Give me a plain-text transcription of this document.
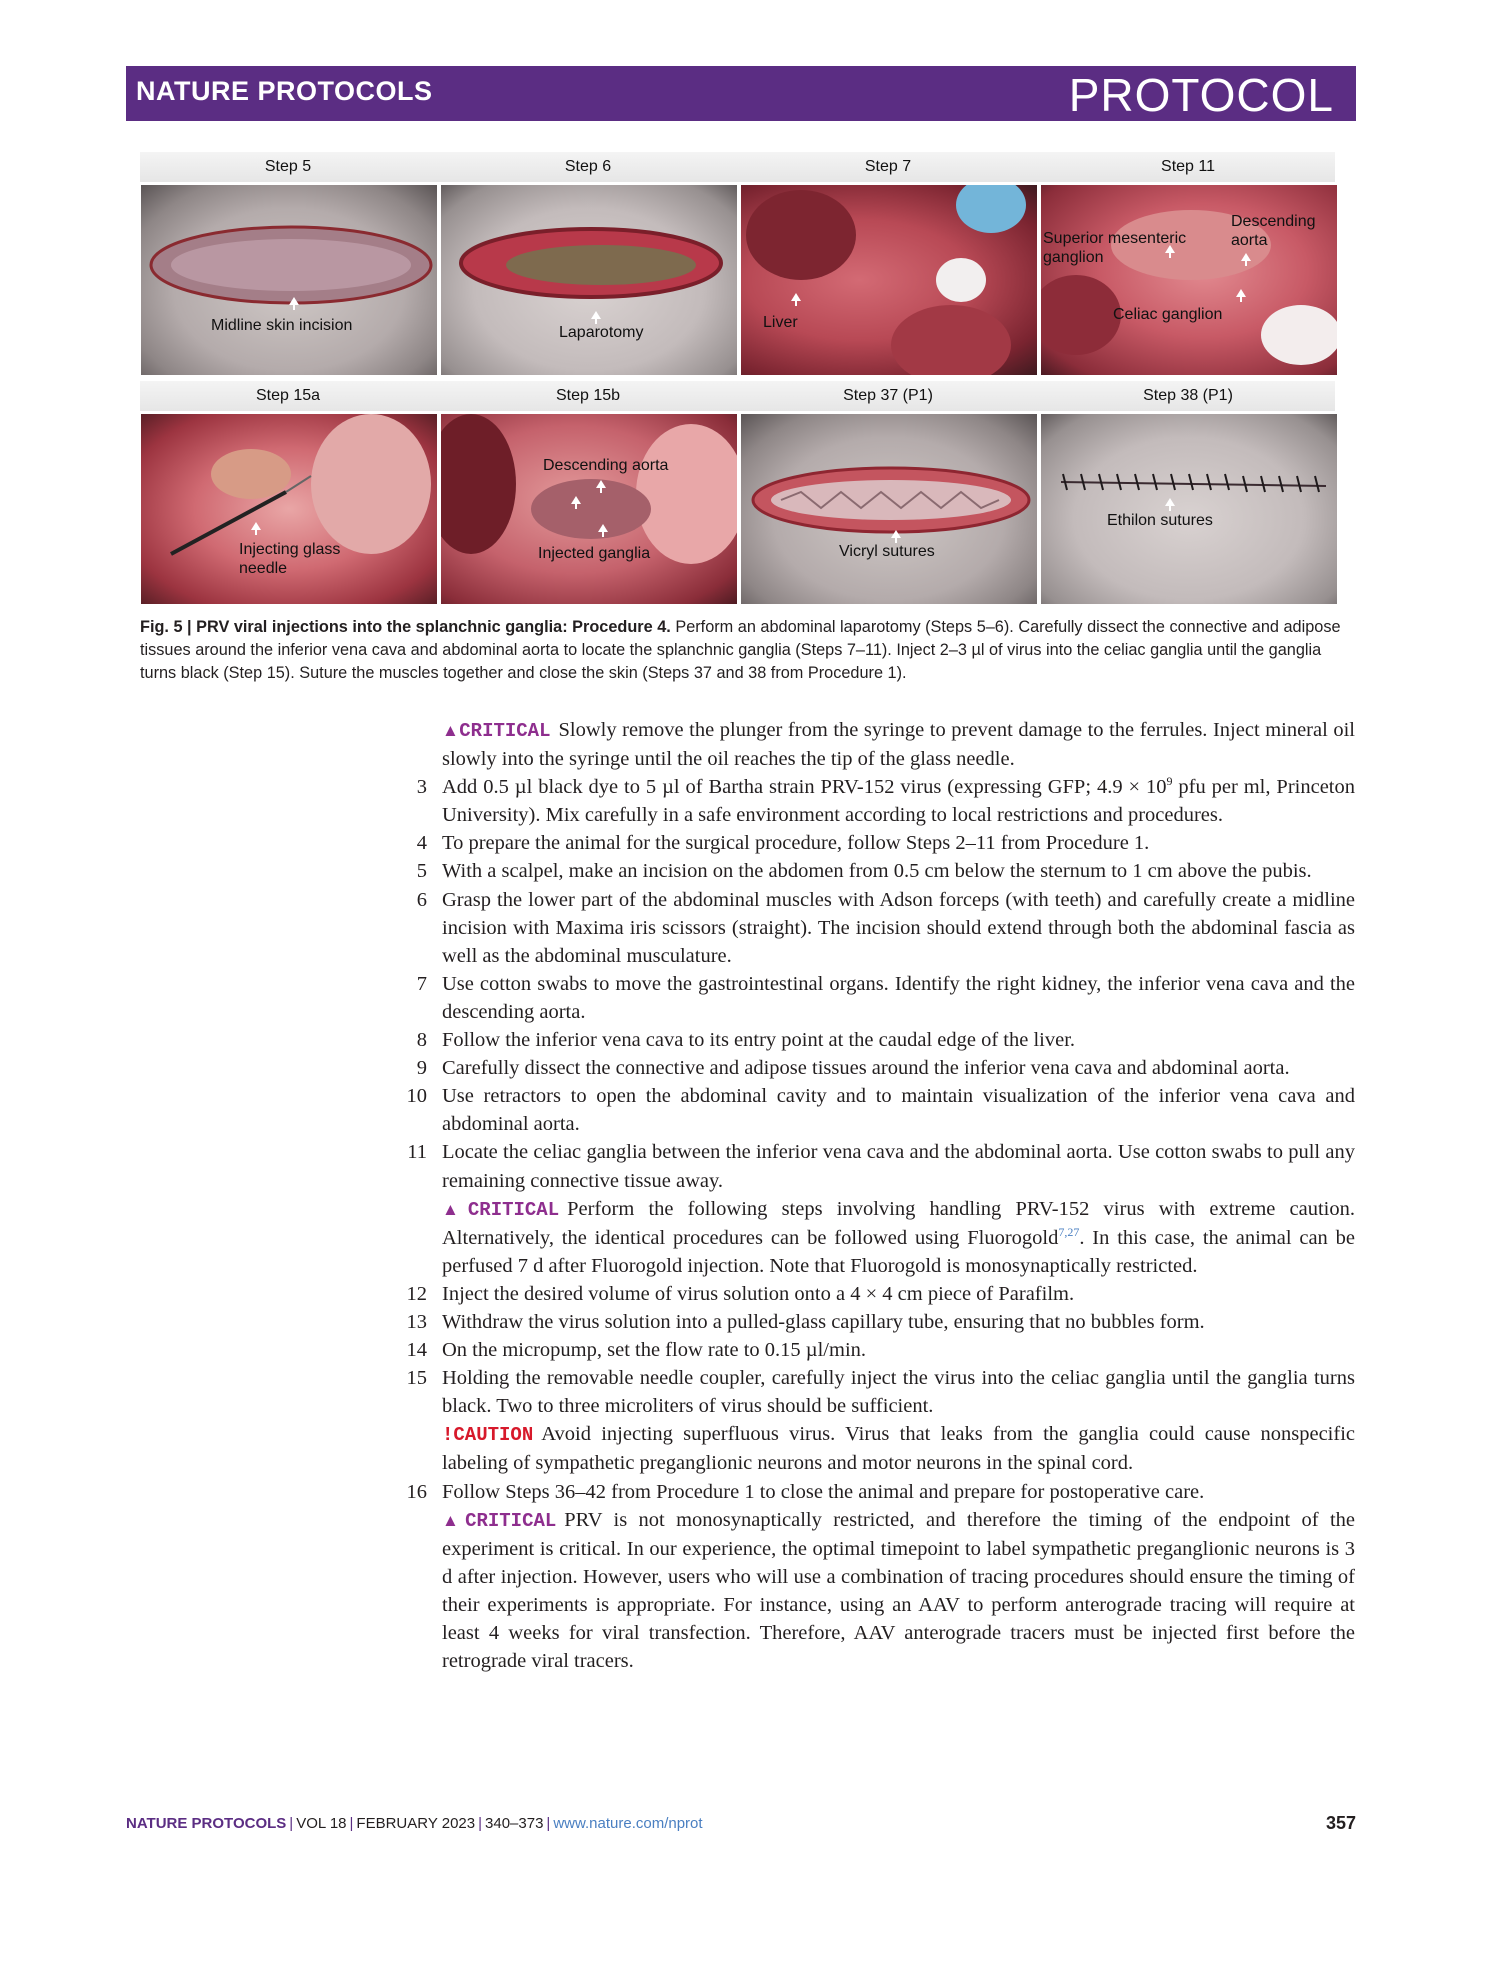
NATURE PROTOCOLS	PROTOCOL
Step 5	Step 6	Step 7	Step 11
Midline skin incision	Laparotomy
Liver
Superior mesenteric
ganglion
Descending
aorta
Celiac ganglion
Step 15a	Step 15b	Step 37 (P1)	Step 38 (P1)
Injecting glass
needle
Descending aorta
Injected ganglia	Vicryl sutures
Ethilon sutures
Fig. 5 | PRV viral injections into the splanchnic ganglia: Procedure 4. Perform an abdominal laparotomy (Steps 5–6). Carefully dissect the connective and adipose tissues around the inferior vena cava and abdominal aorta to locate the splanchnic ganglia (Steps 7–11). Inject 2–3 µl of virus into the celiac ganglia until the ganglia turns black (Step 15). Suture the muscles together and close the skin (Steps 37 and 38 from Procedure 1).
▲CRITICAL Slowly remove the plunger from the syringe to prevent damage to the ferrules. Inject mineral oil slowly into the syringe until the oil reaches the tip of the glass needle.
3 Add 0.5 µl black dye to 5 µl of Bartha strain PRV-152 virus (expressing GFP; $4.9 \times 10^9$ pfu per ml, Princeton University). Mix carefully in a safe environment according to local restrictions and procedures.
4 To prepare the animal for the surgical procedure, follow Steps 2–11 from Procedure 1.
5 With a scalpel, make an incision on the abdomen from 0.5 cm below the sternum to 1 cm above the pubis.
6 Grasp the lower part of the abdominal muscles with Adson forceps (with teeth) and carefully create a midline incision with Maxima iris scissors (straight). The incision should extend through both the abdominal fascia as well as the abdominal musculature.
7 Use cotton swabs to move the gastrointestinal organs. Identify the right kidney, the inferior vena cava and the descending aorta.
8 Follow the inferior vena cava to its entry point at the caudal edge of the liver.
9 Carefully dissect the connective and adipose tissues around the inferior vena cava and abdominal aorta.
10 Use retractors to open the abdominal cavity and to maintain visualization of the inferior vena cava and abdominal aorta.
11 Locate the celiac ganglia between the inferior vena cava and the abdominal aorta. Use cotton swabs to pull any remaining connective tissue away.
▲CRITICAL Perform the following steps involving handling PRV-152 virus with extreme caution. Alternatively, the identical procedures can be followed using Fluorogold$^{7,27}$. In this case, the animal can be perfused 7 d after Fluorogold injection. Note that Fluorogold is monosynaptically restricted.
12 Inject the desired volume of virus solution onto a 4 × 4 cm piece of Parafilm.
13 Withdraw the virus solution into a pulled-glass capillary tube, ensuring that no bubbles form.
14 On the micropump, set the flow rate to 0.15 µl/min.
15 Holding the removable needle coupler, carefully inject the virus into the celiac ganglia until the ganglia turns black. Two to three microliters of virus should be sufficient.
!CAUTION Avoid injecting superfluous virus. Virus that leaks from the ganglia could cause nonspecific labeling of sympathetic preganglionic neurons and motor neurons in the spinal cord.
16 Follow Steps 36–42 from Procedure 1 to close the animal and prepare for postoperative care.
▲CRITICAL PRV is not monosynaptically restricted, and therefore the timing of the endpoint of the experiment is critical. In our experience, the optimal timepoint to label sympathetic preganglionic neurons is 3 d after injection. However, users who will use a combination of tracing procedures should ensure the timing of their experiments is appropriate. For instance, using an AAV to perform anterograde tracing will require at least 4 weeks for viral transfection. Therefore, AAV anterograde tracers must be injected first before the retrograde viral tracers.
NATURE PROTOCOLS | VOL 18 | FEBRUARY 2023 | 340–373 | www.nature.com/nprot	357
